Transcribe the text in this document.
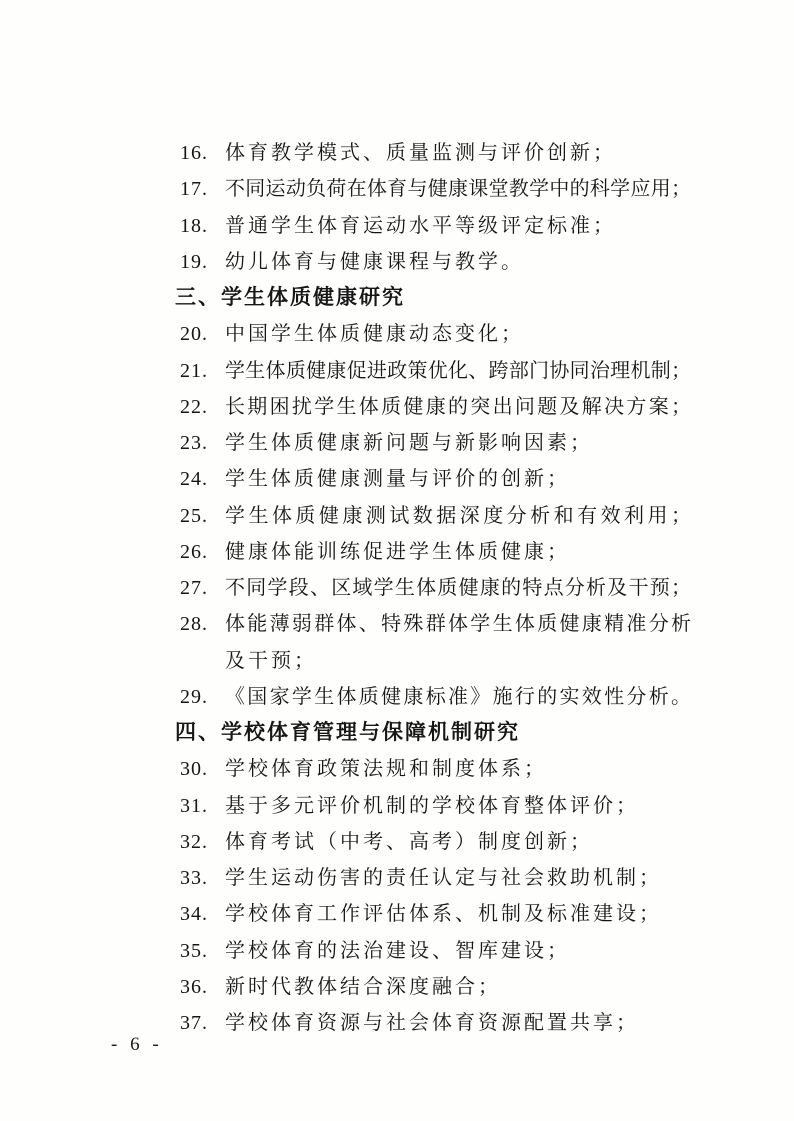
16. 体育教学模式、质量监测与评价创新；
17. 不同运动负荷在体育与健康课堂教学中的科学应用；
18. 普通学生体育运动水平等级评定标准；
19. 幼儿体育与健康课程与教学。
三、学生体质健康研究
20. 中国学生体质健康动态变化；
21. 学生体质健康促进政策优化、跨部门协同治理机制；
22. 长期困扰学生体质健康的突出问题及解决方案；
23. 学生体质健康新问题与新影响因素；
24. 学生体质健康测量与评价的创新；
25. 学生体质健康测试数据深度分析和有效利用；
26. 健康体能训练促进学生体质健康；
27. 不同学段、区域学生体质健康的特点分析及干预；
28. 体能薄弱群体、特殊群体学生体质健康精准分析
及干预；
29. 《国家学生体质健康标准》施行的实效性分析。
四、学校体育管理与保障机制研究
30. 学校体育政策法规和制度体系；
31. 基于多元评价机制的学校体育整体评价；
32. 体育考试（中考、高考）制度创新；
33. 学生运动伤害的责任认定与社会救助机制；
34. 学校体育工作评估体系、机制及标准建设；
35. 学校体育的法治建设、智库建设；
36. 新时代教体结合深度融合；
37. 学校体育资源与社会体育资源配置共享；
- 6 -
